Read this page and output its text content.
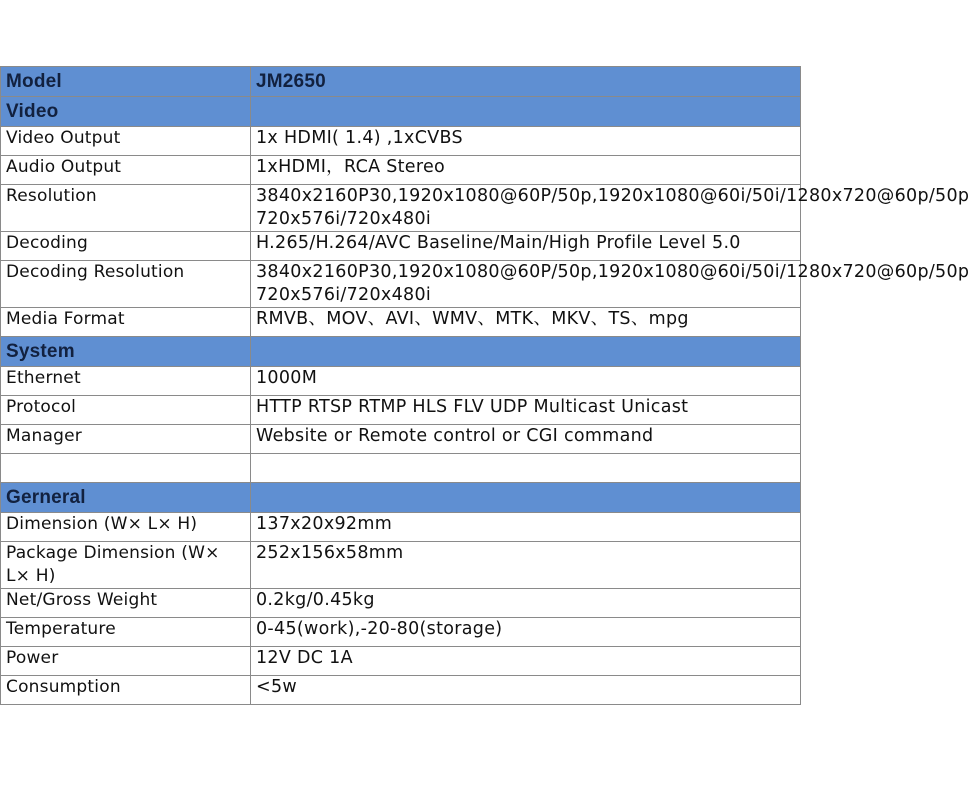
Model	JM2650
Video	
Video Output	1x HDMI( 1.4) ,1xCVBS
Audio Output	1xHDMI，RCA Stereo
Resolution	3840x2160P30,1920x1080@60P/50p,1920x1080@60i/50i/1280x720@60p/50p 720x576i/720x480i
Decoding	H.265/H.264/AVC Baseline/Main/High Profile Level 5.0
Decoding Resolution	3840x2160P30,1920x1080@60P/50p,1920x1080@60i/50i/1280x720@60p/50p 720x576i/720x480i
Media Format	RMVB、MOV、AVI、WMV、MTK、MKV、TS、mpg
System	
Ethernet	1000M
Protocol	HTTP RTSP RTMP HLS FLV UDP Multicast Unicast
Manager	Website or Remote control or CGI command

Gerneral	
Dimension (W× L× H)	137x20x92mm
Package Dimension (W× L× H)	252x156x58mm
Net/Gross Weight	0.2kg/0.45kg
Temperature	0-45(work),-20-80(storage)
Power	12V DC 1A
Consumption	<5w
